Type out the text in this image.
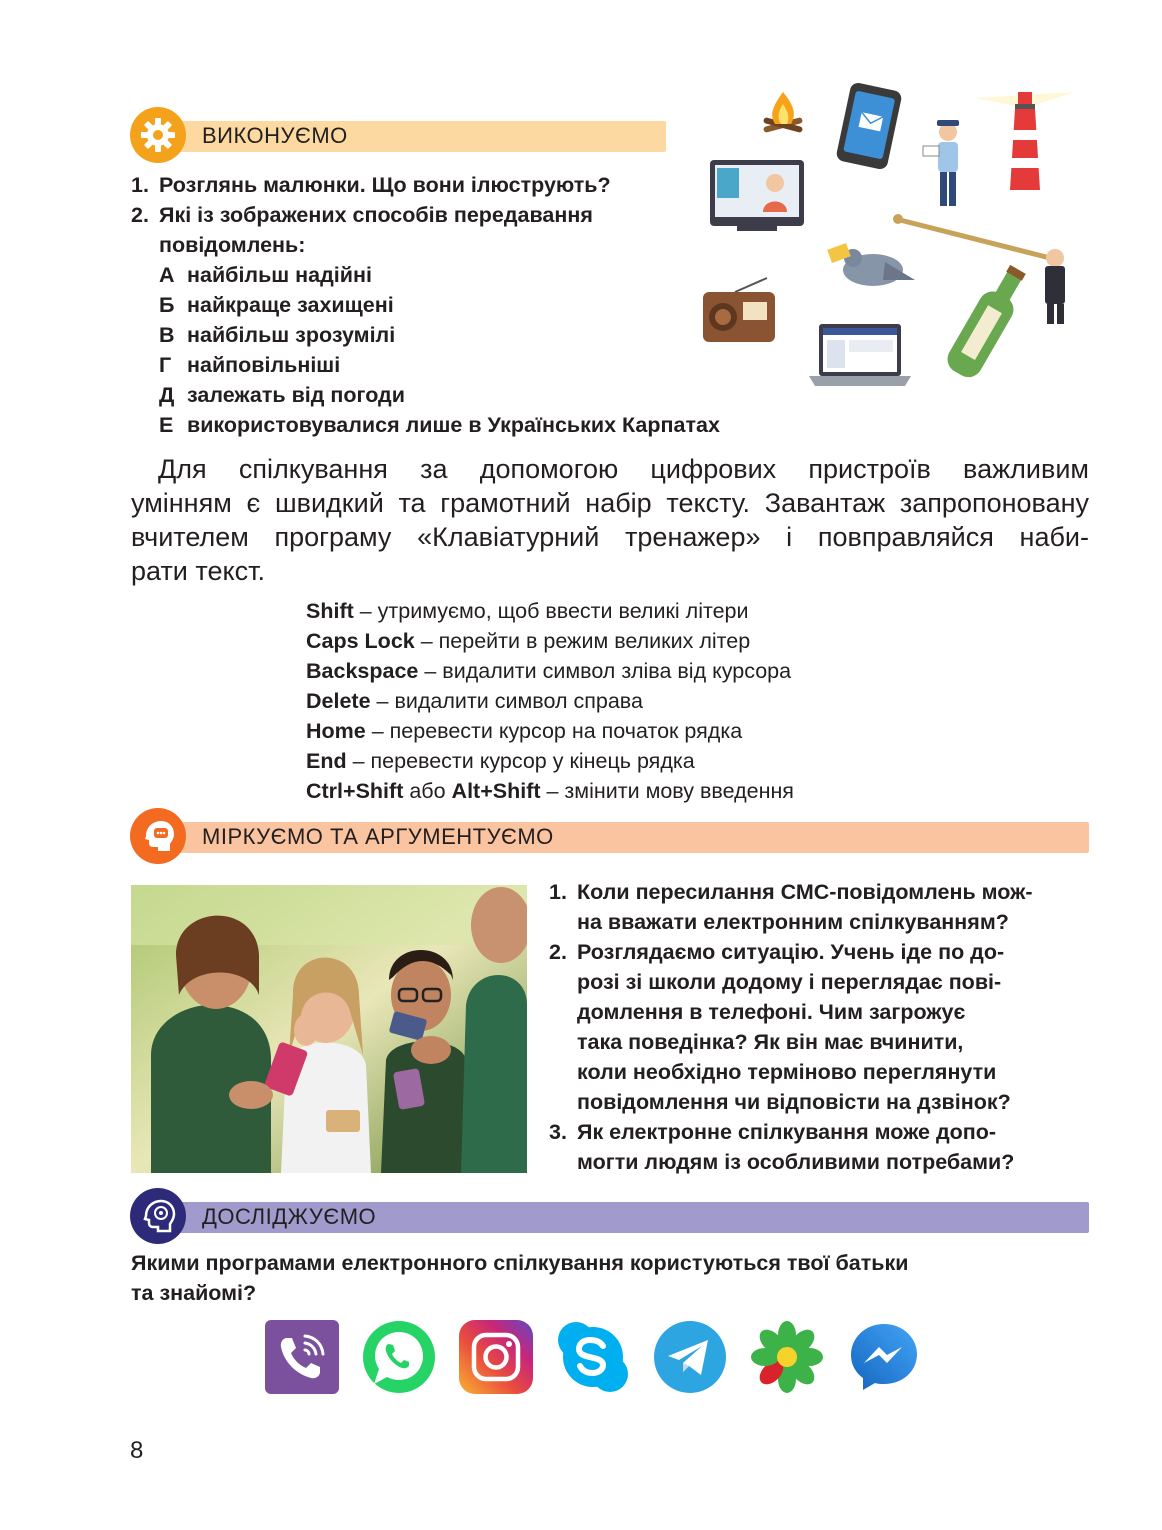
ВИКОНУЄМО
1. Розглянь малюнки. Що вони ілюструють?
2. Які із зображених способів передавання
повідомлень:
А найбільш надійні
Б найкраще захищені
В найбільш зрозумілі
Г найповільніші
Д залежать від погоди
Е використовувалися лише в Українських Карпатах
Для спілкування за допомогою цифрових пристроїв важливим
умінням є швидкий та грамотний набір тексту. Завантаж запропоновану
вчителем програму «Клавіатурний тренажер» і повправляйся наби-
рати текст.
Shift – утримуємо, щоб ввести великі літери
Caps Lock – перейти в режим великих літер
Backspace – видалити символ зліва від курсора
Delete – видалити символ справа
Home – перевести курсор на початок рядка
End – перевести курсор у кінець рядка
Ctrl+Shift або Alt+Shift – змінити мову введення
МІРКУЄМО ТА АРГУМЕНТУЄМО
1. Коли пересилання СМС-повідомлень мож-
на вважати електронним спілкуванням?
2. Розглядаємо ситуацію. Учень іде по до-
розі зі школи додому і переглядає пові-
домлення в телефоні. Чим загрожує
така поведінка? Як він має вчинити,
коли необхідно терміново переглянути
повідомлення чи відповісти на дзвінок?
3. Як електронне спілкування може допо-
могти людям із особливими потребами?
ДОСЛІДЖУЄМО
Якими програмами електронного спілкування користуються твої батьки
та знайомі?
8
